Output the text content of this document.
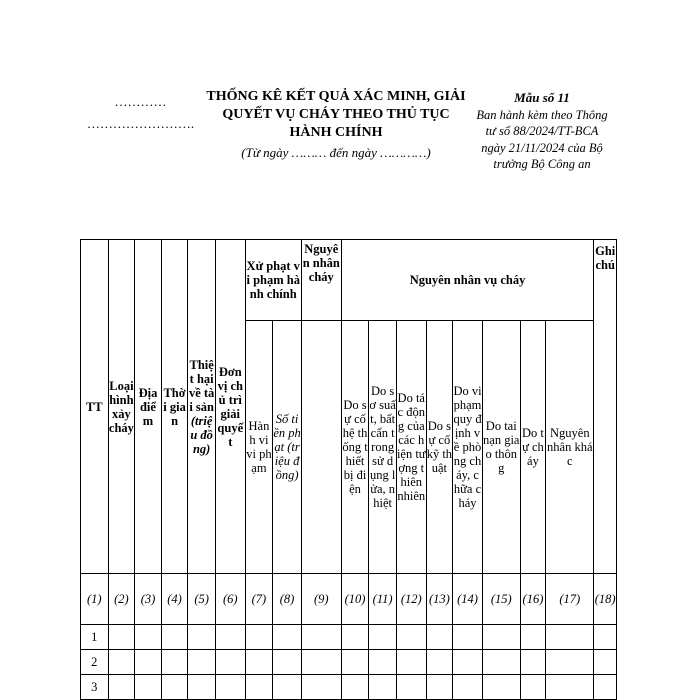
…………
…………………….
THỐNG KÊ KẾT QUẢ XÁC MINH, GIẢI QUYẾT VỤ CHÁY THEO THỦ TỤC HÀNH CHÍNH
(Từ ngày ……… đến ngày …………)
Mẫu số 11
Ban hành kèm theo Thông tư số 88/2024/TT-BCA ngày 21/11/2024 của Bộ trưởng Bộ Công an
TT	Loại hình xảy cháy	Địa điểm	Thời gian	Thiệt hại về tài sản (triệu đồng)	Đơn vị chủ trì giải quyết	Xử phạt vi phạm hành chính		Nguyên nhân cháy	Nguyên nhân vụ cháy								Ghi chú
						Hành vi vi phạm	Số tiền phạt (triệu đồng)		Do sự cố hệ thống thiết bị điện	Do sơ suất, bất cẩn trong sử dụng lửa, nhiệt	Do tác động của các hiện tượng thiên nhiên	Do sự cố kỹ thuật	Do vi phạm quy định về phòng cháy, chữa cháy	Do tai nạn giao thông	Do tự cháy	Nguyên nhân khác	
(1)	(2)	(3)	(4)	(5)	(6)	(7)	(8)	(9)	(10)	(11)	(12)	(13)	(14)	(15)	(16)	(17)	(18)
1																	
2																	
3																	
